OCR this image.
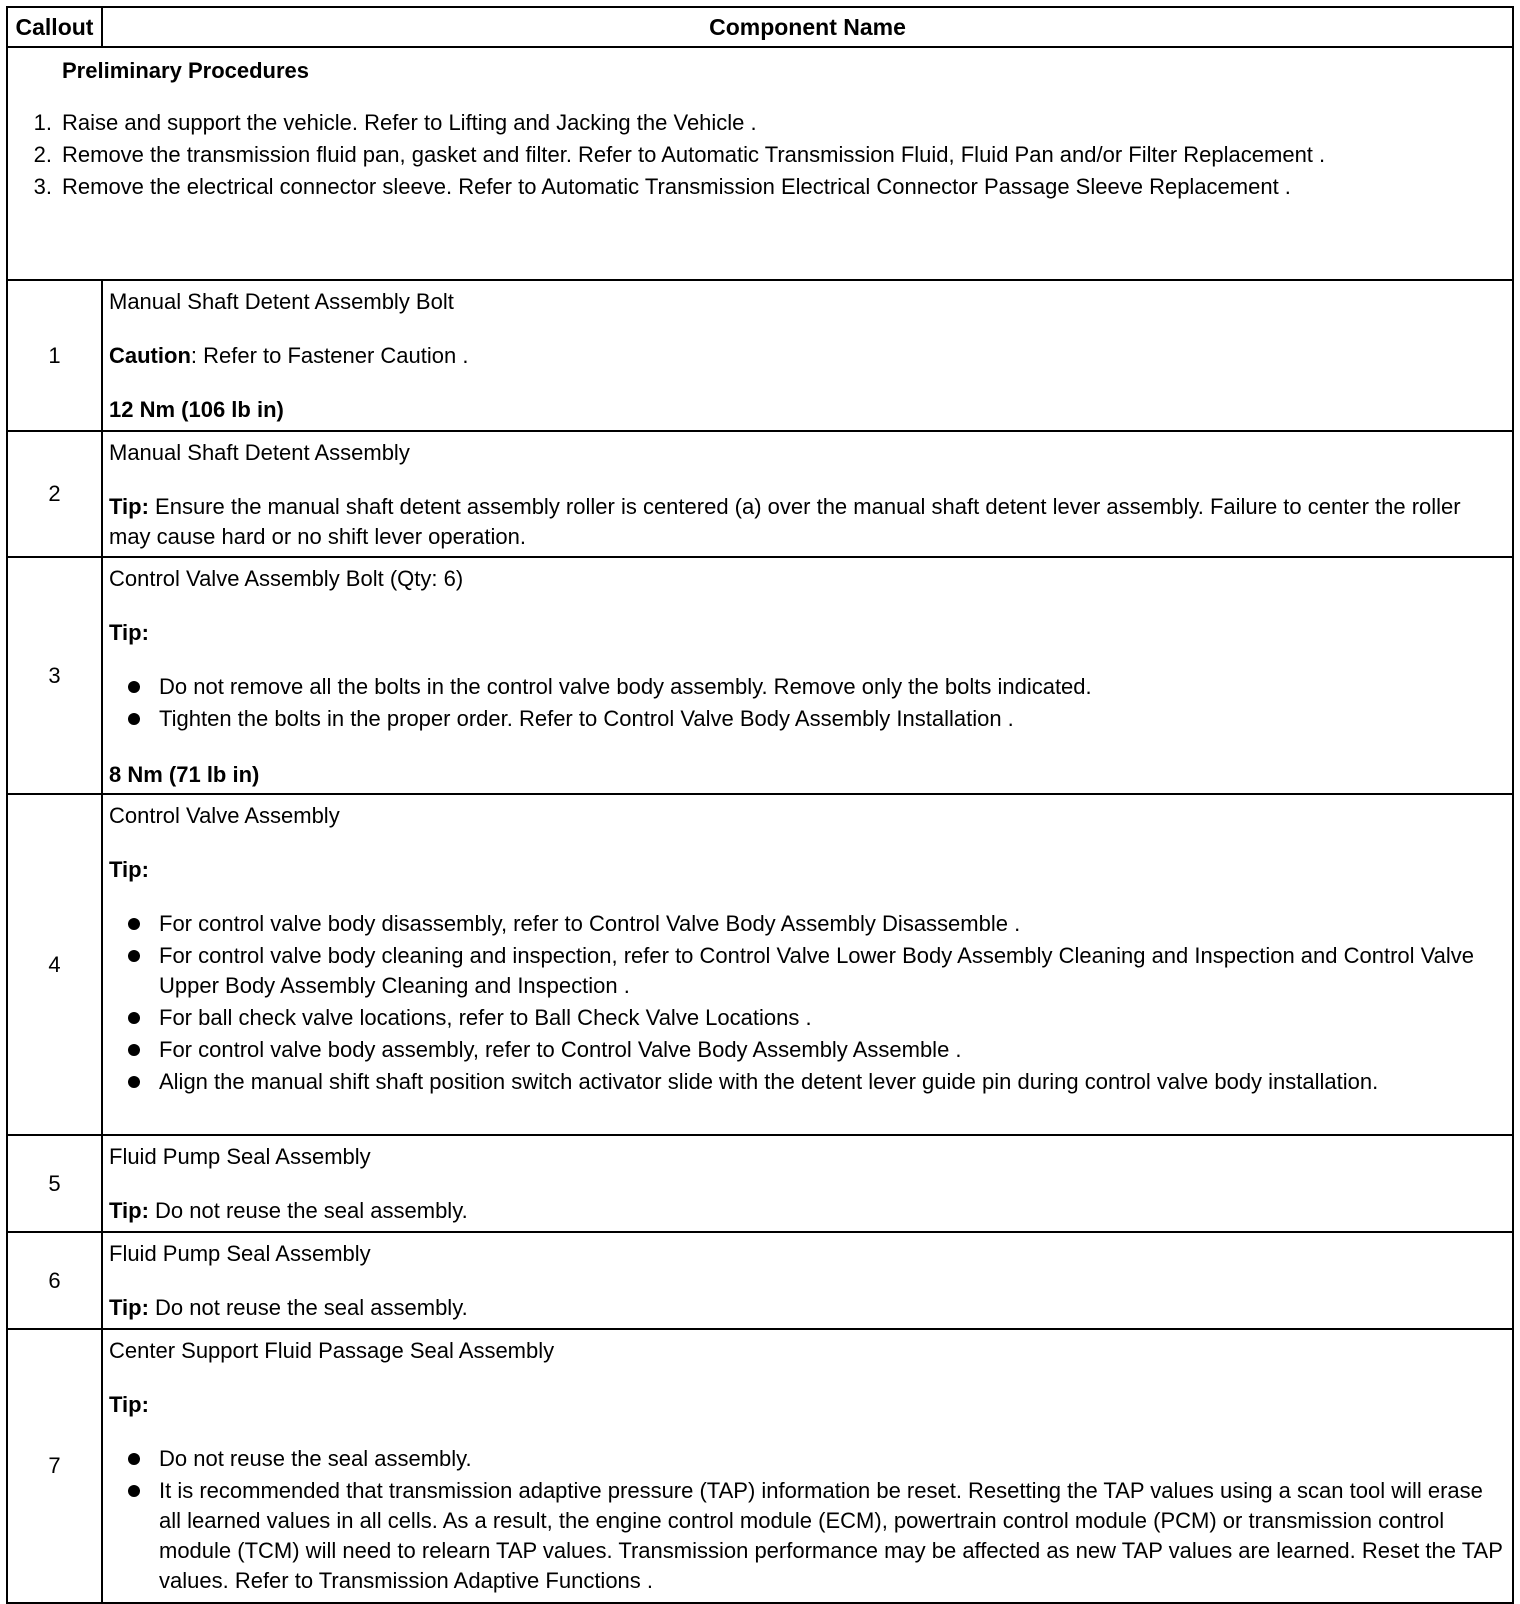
Callout	Component Name
Preliminary Procedures
1. Raise and support the vehicle. Refer to Lifting and Jacking the Vehicle .
2. Remove the transmission fluid pan, gasket and filter. Refer to Automatic Transmission Fluid, Fluid Pan and/or Filter Replacement .
3. Remove the electrical connector sleeve. Refer to Automatic Transmission Electrical Connector Passage Sleeve Replacement .
1
Manual Shaft Detent Assembly Bolt
Caution: Refer to Fastener Caution .
12 Nm (106 lb in)
2
Manual Shaft Detent Assembly
Tip: Ensure the manual shaft detent assembly roller is centered (a) over the manual shaft detent lever assembly. Failure to center the roller may cause hard or no shift lever operation.
3
Control Valve Assembly Bolt (Qty: 6)
Tip:
Do not remove all the bolts in the control valve body assembly. Remove only the bolts indicated.
Tighten the bolts in the proper order. Refer to Control Valve Body Assembly Installation .
8 Nm (71 lb in)
4
Control Valve Assembly
Tip:
For control valve body disassembly, refer to Control Valve Body Assembly Disassemble .
For control valve body cleaning and inspection, refer to Control Valve Lower Body Assembly Cleaning and Inspection and Control Valve Upper Body Assembly Cleaning and Inspection .
For ball check valve locations, refer to Ball Check Valve Locations .
For control valve body assembly, refer to Control Valve Body Assembly Assemble .
Align the manual shift shaft position switch activator slide with the detent lever guide pin during control valve body installation.
5
Fluid Pump Seal Assembly
Tip: Do not reuse the seal assembly.
6
Fluid Pump Seal Assembly
Tip: Do not reuse the seal assembly.
7
Center Support Fluid Passage Seal Assembly
Tip:
Do not reuse the seal assembly.
It is recommended that transmission adaptive pressure (TAP) information be reset. Resetting the TAP values using a scan tool will erase all learned values in all cells. As a result, the engine control module (ECM), powertrain control module (PCM) or transmission control module (TCM) will need to relearn TAP values. Transmission performance may be affected as new TAP values are learned. Reset the TAP values. Refer to Transmission Adaptive Functions .
